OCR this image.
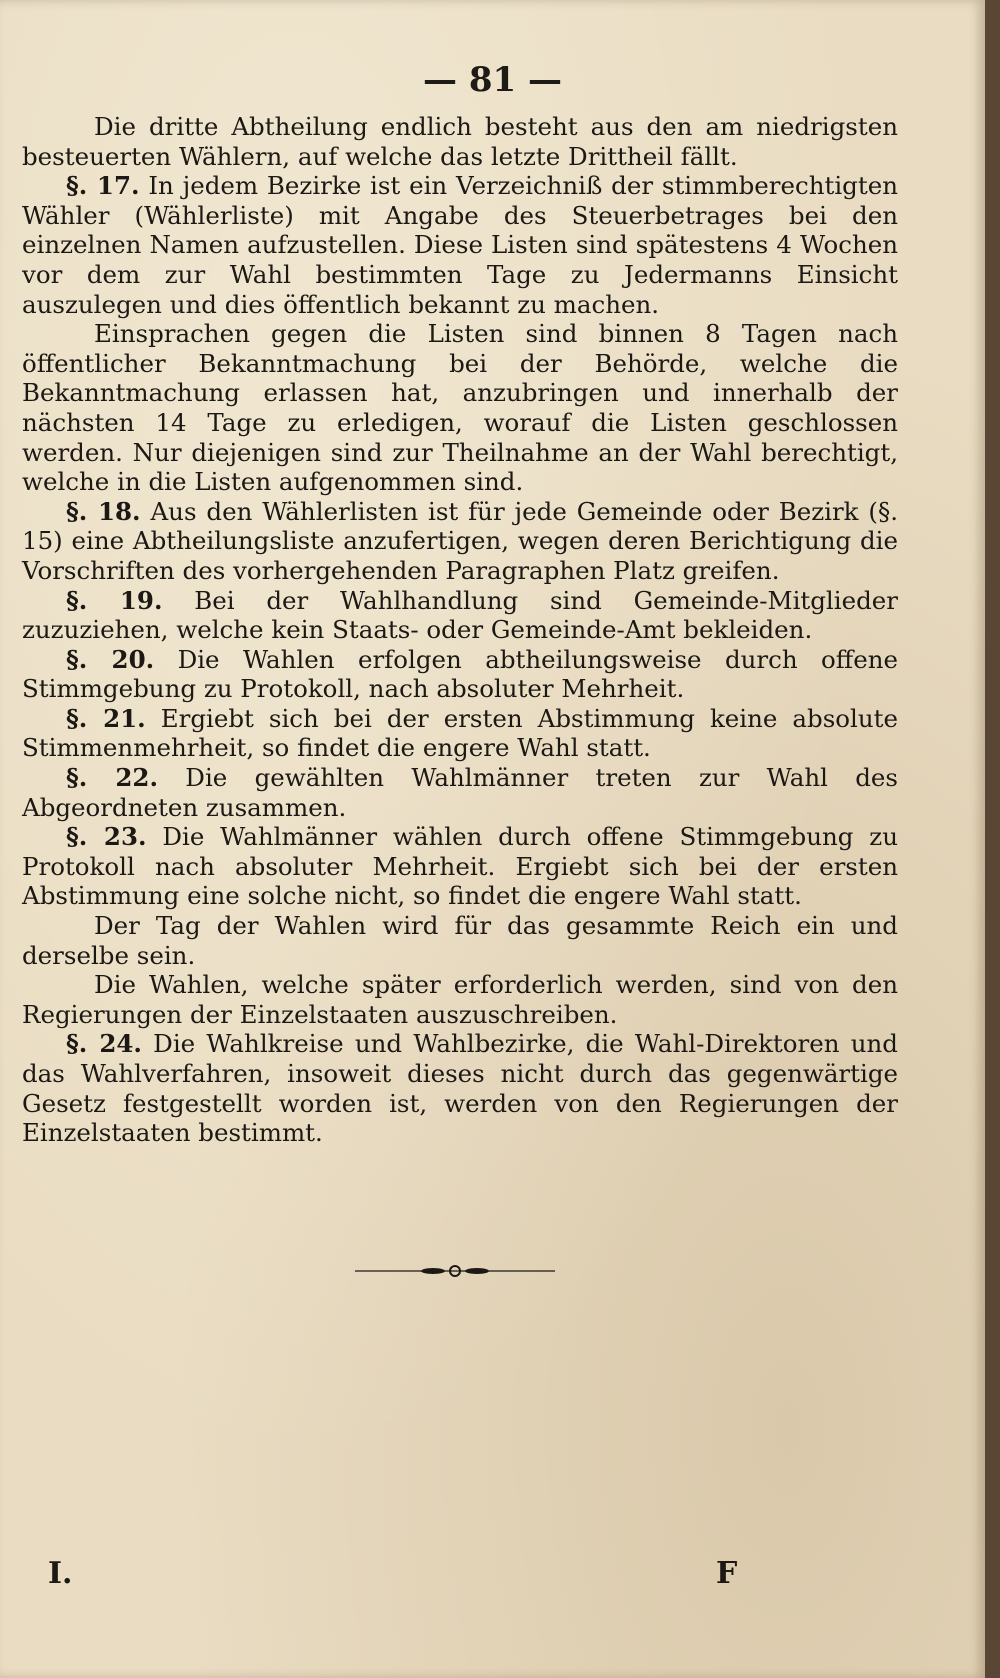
— 81 —

Die dritte Abtheilung endlich besteht aus den am niedrigsten besteuerten Wählern, auf welche das letzte Drittheil fällt.

§. 17. In jedem Bezirke ist ein Verzeichniß der stimmberechtigten Wähler (Wählerliste) mit Angabe des Steuerbetrages bei den einzelnen Namen aufzustellen. Diese Listen sind spätestens 4 Wochen vor dem zur Wahl bestimmten Tage zu Jedermanns Einsicht auszulegen und dies öffentlich bekannt zu machen.

Einsprachen gegen die Listen sind binnen 8 Tagen nach öffentlicher Bekanntmachung bei der Behörde, welche die Bekanntmachung erlassen hat, anzubringen und innerhalb der nächsten 14 Tage zu erledigen, worauf die Listen geschlossen werden. Nur diejenigen sind zur Theilnahme an der Wahl berechtigt, welche in die Listen aufgenommen sind.

§. 18. Aus den Wählerlisten ist für jede Gemeinde oder Bezirk (§. 15) eine Abtheilungsliste anzufertigen, wegen deren Berichtigung die Vorschriften des vorhergehenden Paragraphen Platz greifen.

§. 19. Bei der Wahlhandlung sind Gemeinde-Mitglieder zuzuziehen, welche kein Staats- oder Gemeinde-Amt bekleiden.

§. 20. Die Wahlen erfolgen abtheilungsweise durch offene Stimmgebung zu Protokoll, nach absoluter Mehrheit.

§. 21. Ergiebt sich bei der ersten Abstimmung keine absolute Stimmenmehrheit, so findet die engere Wahl statt.

§. 22. Die gewählten Wahlmänner treten zur Wahl des Abgeordneten zusammen.

§. 23. Die Wahlmänner wählen durch offene Stimmgebung zu Protokoll nach absoluter Mehrheit. Ergiebt sich bei der ersten Abstimmung eine solche nicht, so findet die engere Wahl statt.

Der Tag der Wahlen wird für das gesammte Reich ein und derselbe sein.

Die Wahlen, welche später erforderlich werden, sind von den Regierungen der Einzelstaaten auszuschreiben.

§. 24. Die Wahlkreise und Wahlbezirke, die Wahl-Direktoren und das Wahlverfahren, insoweit dieses nicht durch das gegenwärtige Gesetz festgestellt worden ist, werden von den Regierungen der Einzelstaaten bestimmt.

I.	F
